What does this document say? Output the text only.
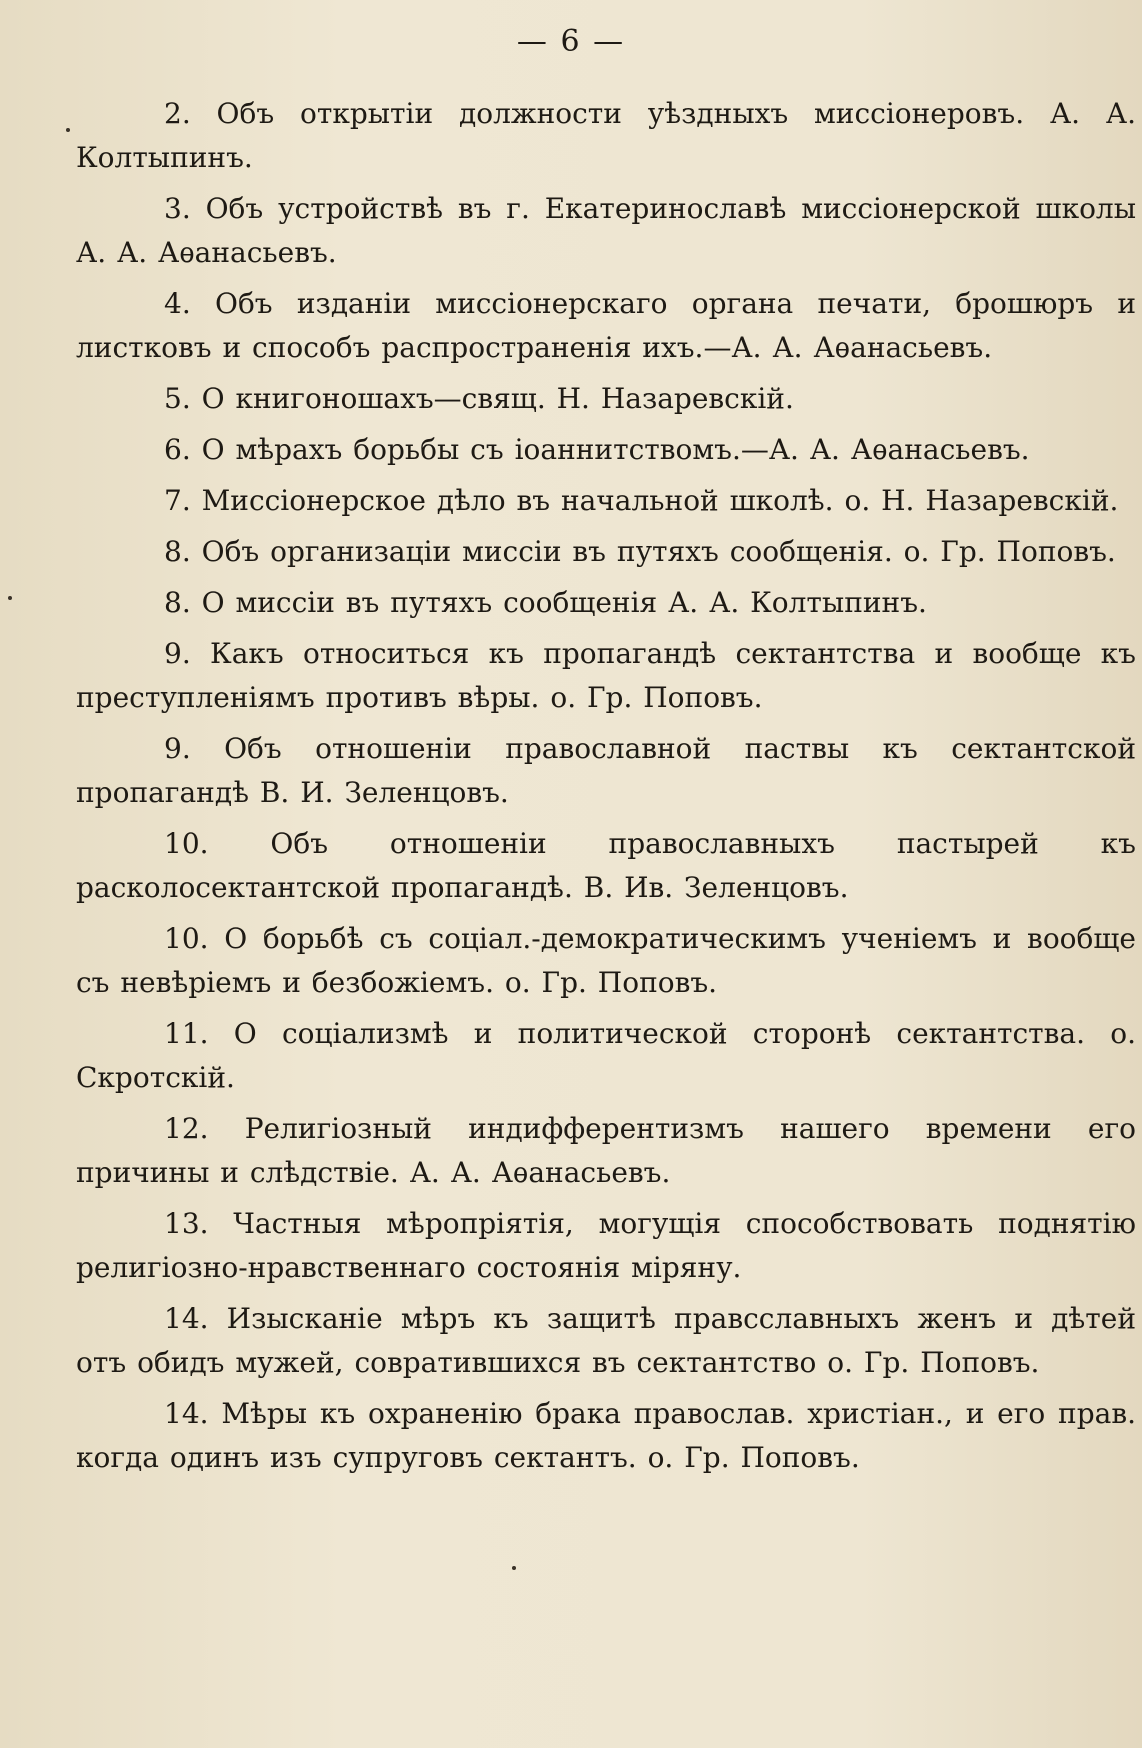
— 6 —

2. Объ открытіи должности уѣздныхъ миссіонеровъ. А. А. Колтыпинъ.

3. Объ устройствѣ въ г. Екатеринославѣ миссіонерской школы А. А. Аѳанасьевъ.

4. Объ изданіи миссіонерскаго органа печати, брошюръ и листковъ и способъ распространенія ихъ.—А. А. Аѳанасьевъ.

5. О книгоношахъ—свящ. Н. Назаревскій.

6. О мѣрахъ борьбы съ іоаннитствомъ.—А. А. Аѳанасьевъ.

7. Миссіонерское дѣло въ начальной школѣ. о. Н. Назаревскій.

8. Объ организаціи миссіи въ путяхъ сообщенія. о. Гр. Поповъ.

8. О миссіи въ путяхъ сообщенія А. А. Колтыпинъ.

9. Какъ относиться къ пропагандѣ сектантства и вообще къ преступленіямъ противъ вѣры. о. Гр. Поповъ.

9. Объ отношеніи православной паствы къ сектантской пропагандѣ В. И. Зеленцовъ.

10. Объ отношеніи православныхъ пастырей къ расколосектантской пропагандѣ. В. Ив. Зеленцовъ.

10. О борьбѣ съ соціал.-демократическимъ ученіемъ и вообще съ невѣріемъ и безбожіемъ. о. Гр. Поповъ.

11. О соціализмѣ и политической сторонѣ сектантства. о. Скротскій.

12. Религіозный индифферентизмъ нашего времени его причины и слѣдствіе. А. А. Аѳанасьевъ.

13. Частныя мѣропріятія, могущія способствовать поднятію религіозно-нравственнаго состоянія міряну.

14. Изысканіе мѣръ къ защитѣ правсславныхъ женъ и дѣтей отъ обидъ мужей, совратившихся въ сектантство о. Гр. Поповъ.

14. Мѣры къ охраненію брака православ. христіан., и его прав. когда одинъ изъ супруговъ сектантъ. о. Гр. Поповъ.
